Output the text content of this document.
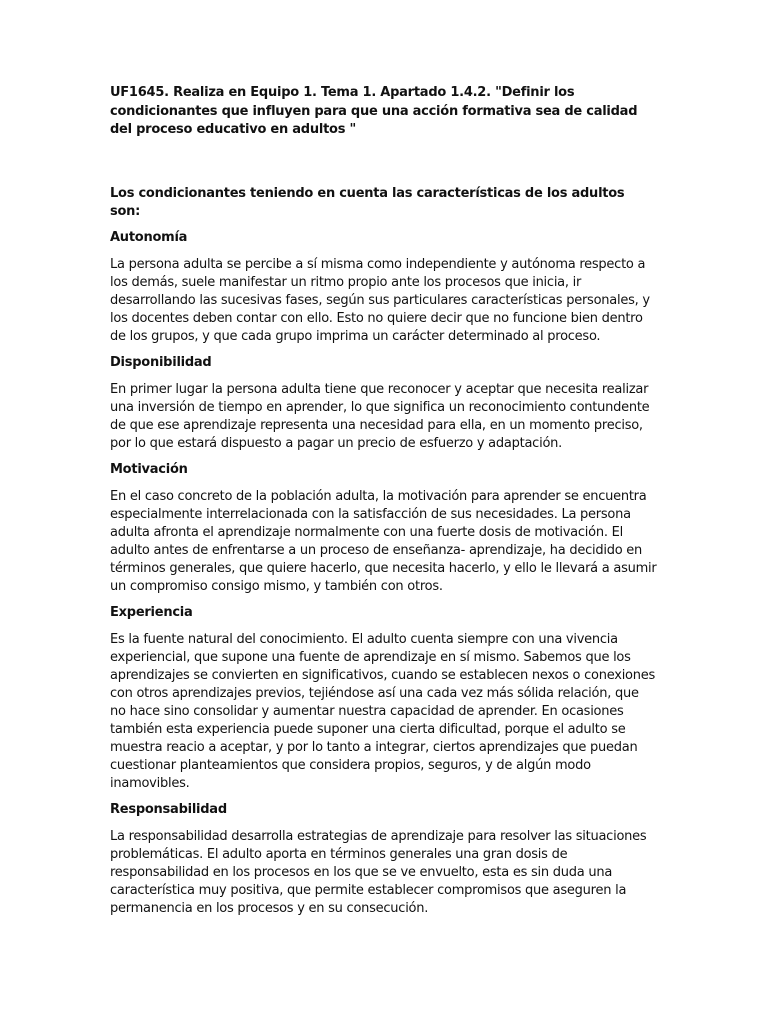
UF1645. Realiza en Equipo 1. Tema 1. Apartado 1.4.2. "Definir los condicionantes que influyen para que una acción formativa sea de calidad del proceso educativo en adultos "

Los condicionantes teniendo en cuenta las características de los adultos son:

Autonomía

La persona adulta se percibe a sí misma como independiente y autónoma respecto a los demás, suele manifestar un ritmo propio ante los procesos que inicia, ir desarrollando las sucesivas fases, según sus particulares características personales, y los docentes deben contar con ello. Esto no quiere decir que no funcione bien dentro de los grupos, y que cada grupo imprima un carácter determinado al proceso.

Disponibilidad

En primer lugar la persona adulta tiene que reconocer y aceptar que necesita realizar una inversión de tiempo en aprender, lo que significa un reconocimiento contundente de que ese aprendizaje representa una necesidad para ella, en un momento preciso, por lo que estará dispuesto a pagar un precio de esfuerzo y adaptación.

Motivación

En el caso concreto de la población adulta, la motivación para aprender se encuentra especialmente interrelacionada con la satisfacción de sus necesidades. La persona adulta afronta el aprendizaje normalmente con una fuerte dosis de motivación. El adulto antes de enfrentarse a un proceso de enseñanza- aprendizaje, ha decidido en términos generales, que quiere hacerlo, que necesita hacerlo, y ello le llevará a asumir un compromiso consigo mismo, y también con otros.

Experiencia

Es la fuente natural del conocimiento. El adulto cuenta siempre con una vivencia experiencial, que supone una fuente de aprendizaje en sí mismo. Sabemos que los aprendizajes se convierten en significativos, cuando se establecen nexos o conexiones con otros aprendizajes previos, tejiéndose así una cada vez más sólida relación, que no hace sino consolidar y aumentar nuestra capacidad de aprender. En ocasiones también esta experiencia puede suponer una cierta dificultad, porque el adulto se muestra reacio a aceptar, y por lo tanto a integrar, ciertos aprendizajes que puedan cuestionar planteamientos que considera propios, seguros, y de algún modo inamovibles.

Responsabilidad

La responsabilidad desarrolla estrategias de aprendizaje para resolver las situaciones problemáticas. El adulto aporta en términos generales una gran dosis de responsabilidad en los procesos en los que se ve envuelto, esta es sin duda una característica muy positiva, que permite establecer compromisos que aseguren la permanencia en los procesos y en su consecución.
